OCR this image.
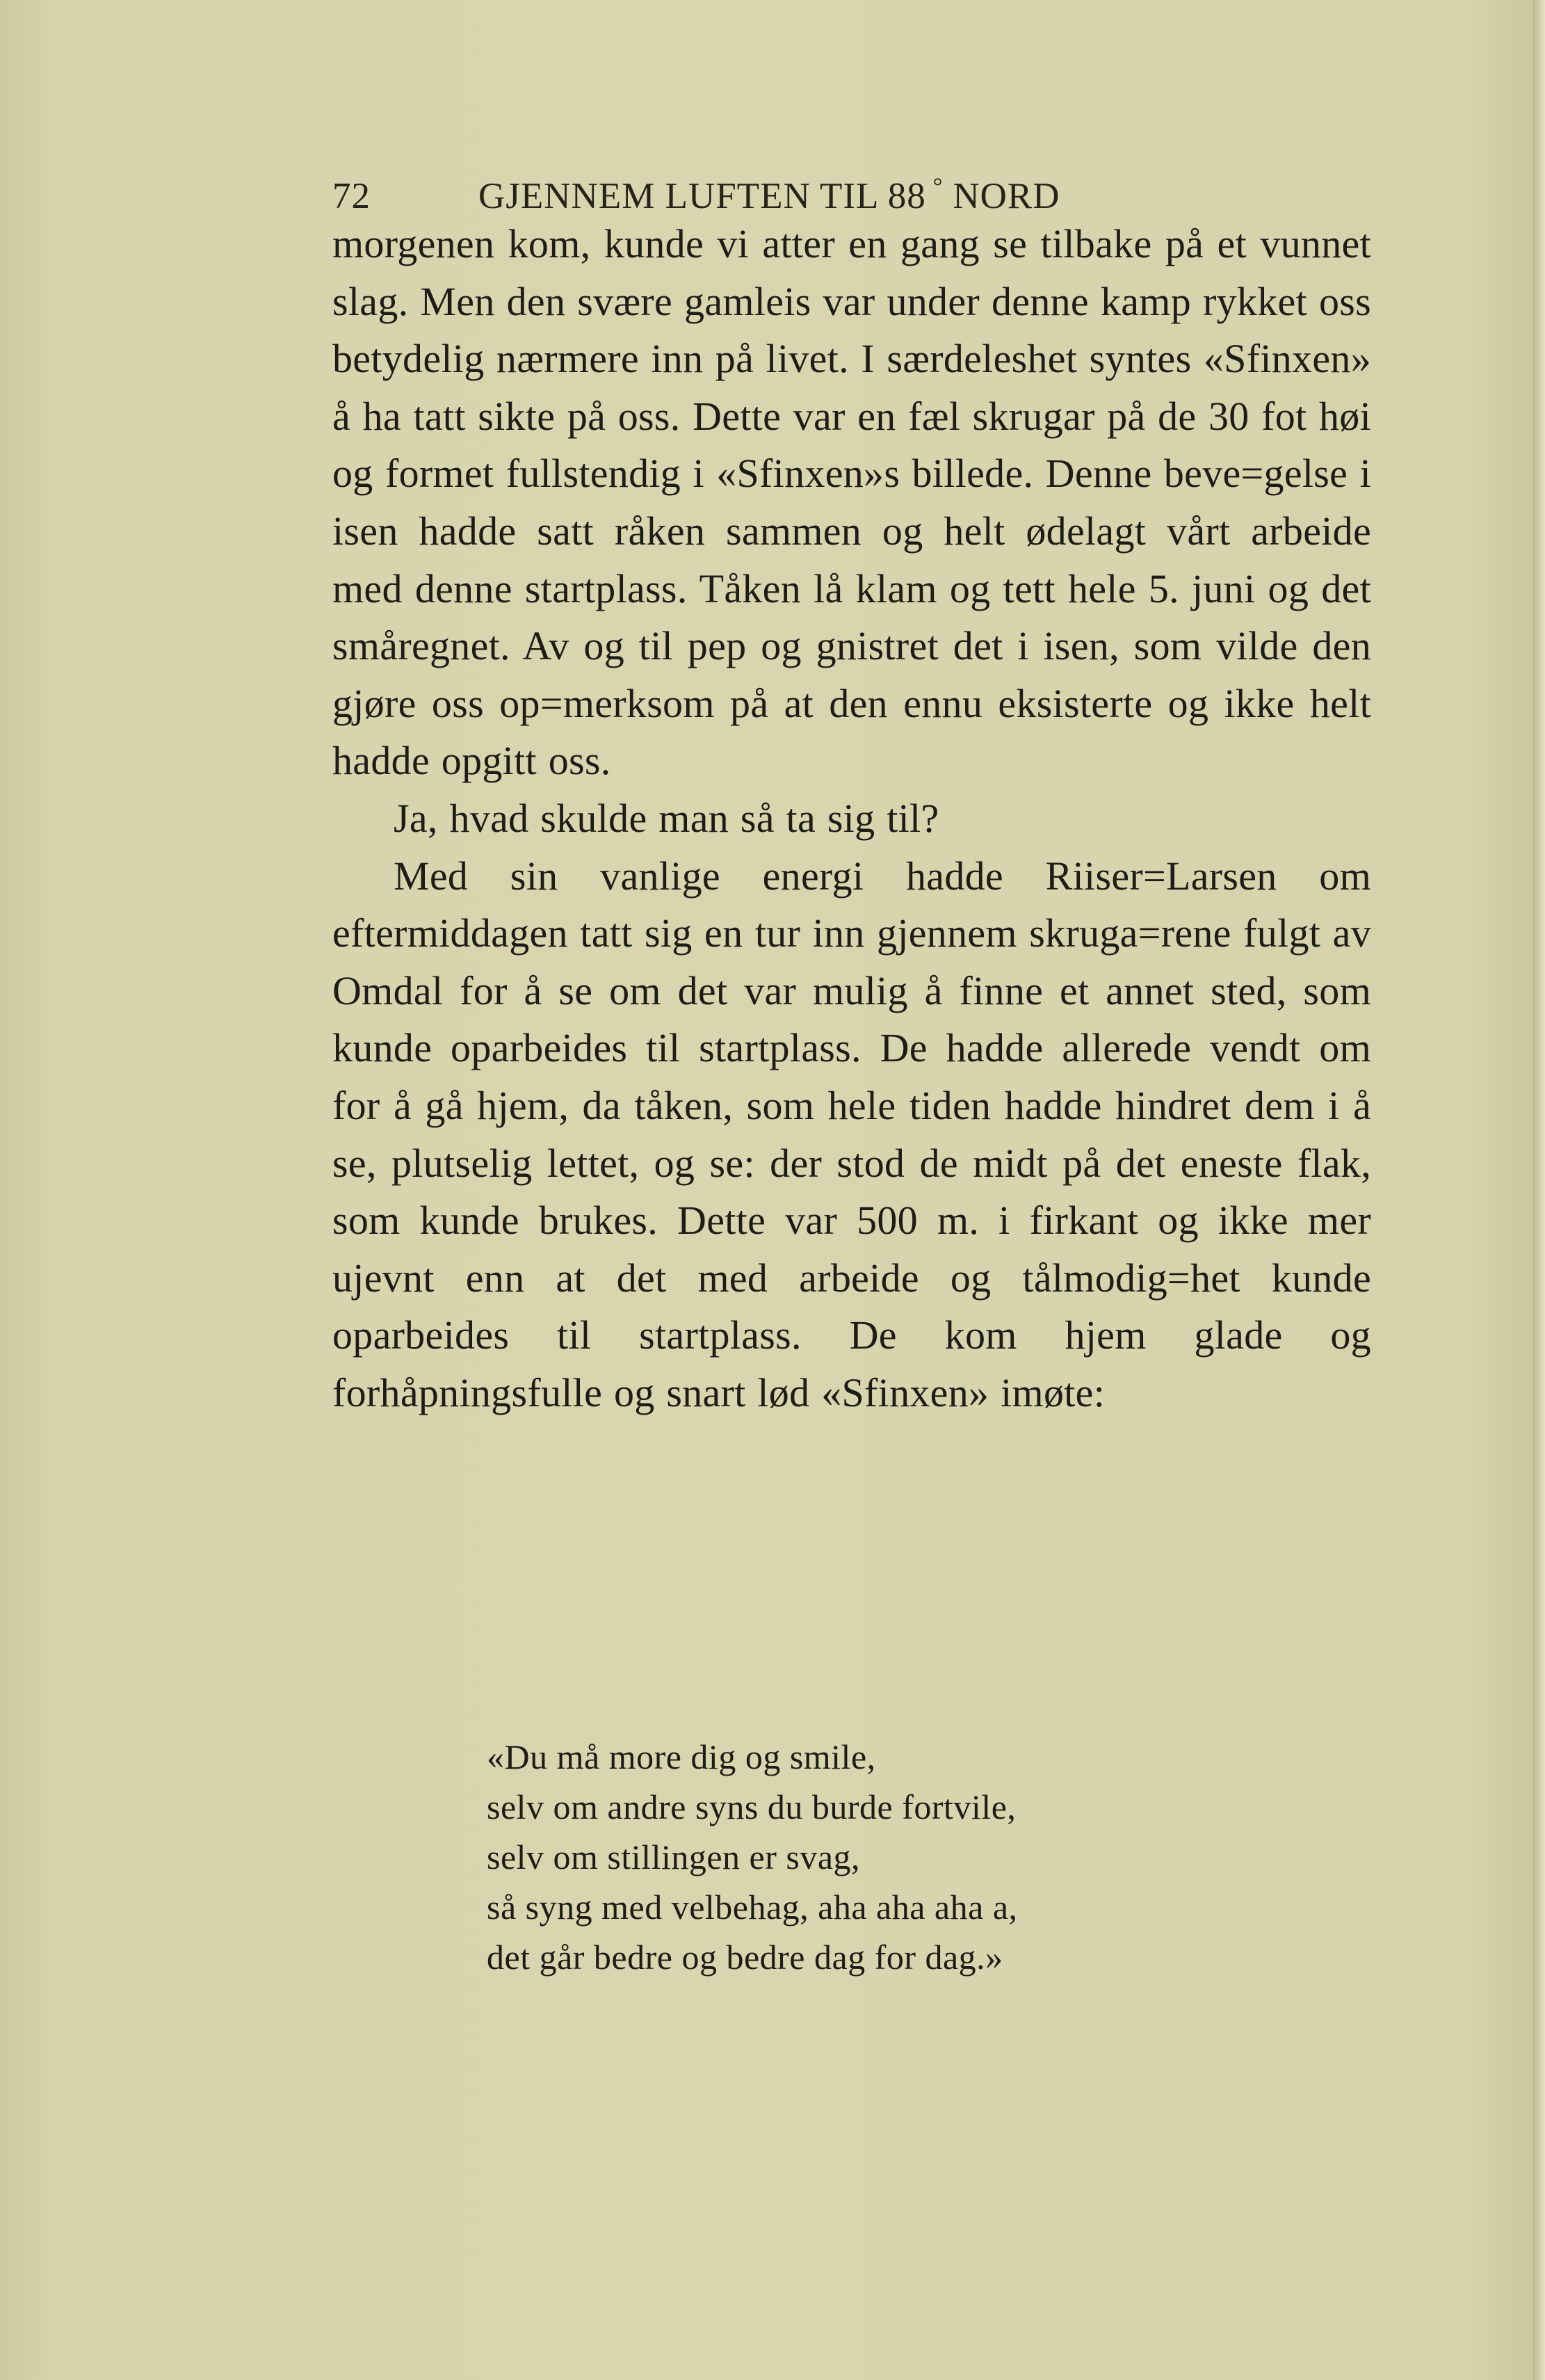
72	GJENNEM LUFTEN TIL 88 ° NORD

morgenen kom, kunde vi atter en gang se tilbake på et vunnet slag. Men den svære gamleis var under denne kamp rykket oss betydelig nærmere inn på livet. I særdeleshet syntes «Sfinxen» å ha tatt sikte på oss. Dette var en fæl skrugar på de 30 fot høi og formet fullstendig i «Sfinxen»s billede. Denne beve=gelse i isen hadde satt råken sammen og helt ødelagt vårt arbeide med denne startplass. Tåken lå klam og tett hele 5. juni og det småregnet. Av og til pep og gnistret det i isen, som vilde den gjøre oss op=merksom på at den ennu eksisterte og ikke helt hadde opgitt oss.

Ja, hvad skulde man så ta sig til?

Med sin vanlige energi hadde Riiser=Larsen om eftermiddagen tatt sig en tur inn gjennem skruga=rene fulgt av Omdal for å se om det var mulig å finne et annet sted, som kunde oparbeides til startplass. De hadde allerede vendt om for å gå hjem, da tåken, som hele tiden hadde hindret dem i å se, plutselig lettet, og se: der stod de midt på det eneste flak, som kunde brukes. Dette var 500 m. i firkant og ikke mer ujevnt enn at det med arbeide og tålmodig=het kunde oparbeides til startplass. De kom hjem glade og forhåpningsfulle og snart lød «Sfinxen» imøte:

«Du må more dig og smile,
selv om andre syns du burde fortvile,
selv om stillingen er svag,
så syng med velbehag, aha aha aha a,
det går bedre og bedre dag for dag.»
